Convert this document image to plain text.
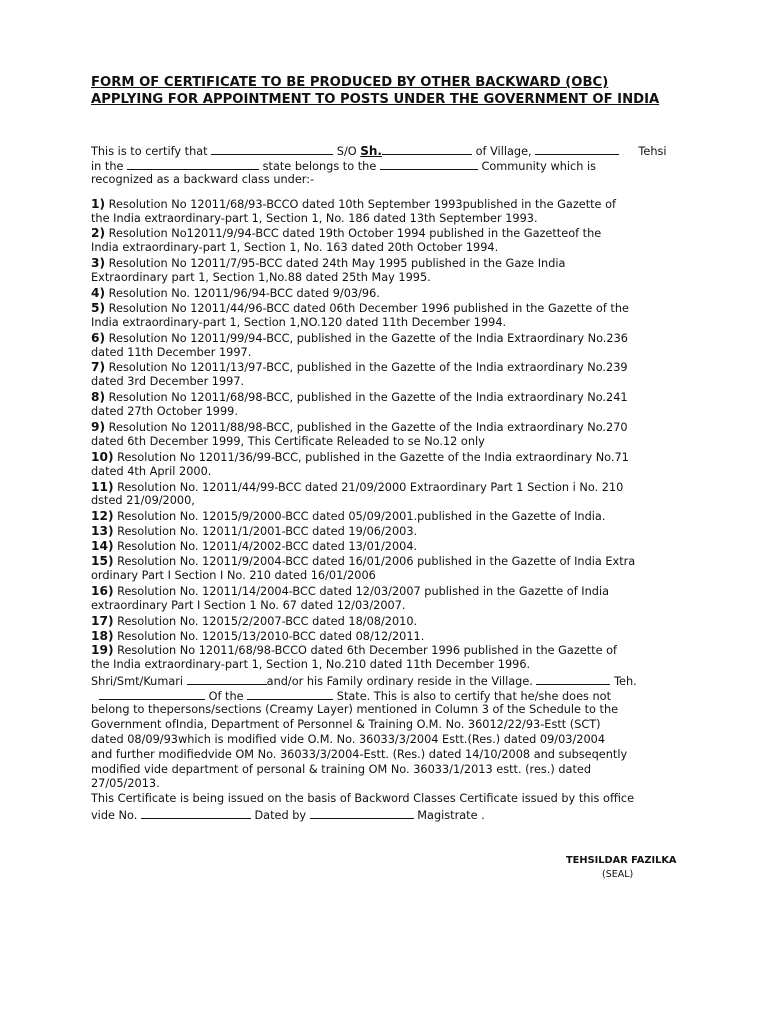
FORM OF CERTIFICATE TO BE PRODUCED BY OTHER BACKWARD (OBC)
APPLYING FOR APPOINTMENT TO POSTS UNDER THE GOVERNMENT OF INDIA
This is to certify that	S/O Sh.	of Village,	Tehsi
in the	state belongs to the	Community which is
recognized as a backward class under:-
1) Resolution No 12011/68/93-BCCO dated 10th September 1993published in the Gazette of
the India extraordinary-part 1, Section 1, No. 186 dated 13th September 1993.
2) Resolution No12011/9/94-BCC dated 19th October 1994 published in the Gazetteof the
India extraordinary-part 1, Section 1, No. 163 dated 20th October 1994.
3) Resolution No 12011/7/95-BCC dated 24th May 1995 published in the Gaze India
Extraordinary part 1, Section 1,No.88 dated 25th May 1995.
4) Resolution No. 12011/96/94-BCC dated 9/03/96.
5) Resolution No 12011/44/96-BCC dated 06th December 1996 published in the Gazette of the
India extraordinary-part 1, Section 1,NO.120 dated 11th December 1994.
6) Resolution No 12011/99/94-BCC, published in the Gazette of the India Extraordinary No.236
dated 11th December 1997.
7) Resolution No 12011/13/97-BCC, published in the Gazette of the India extraordinary No.239
dated 3rd December 1997.
8) Resolution No 12011/68/98-BCC, published in the Gazette of the India extraordinary No.241
dated 27th October 1999.
9) Resolution No 12011/88/98-BCC, published in the Gazette of the India extraordinary No.270
dated 6th December 1999, This Certificate Releaded to se No.12 only
10) Resolution No 12011/36/99-BCC, published in the Gazette of the India extraordinary No.71
dated 4th April 2000.
11) Resolution No. 12011/44/99-BCC dated 21/09/2000 Extraordinary Part 1 Section i No. 210
dsted 21/09/2000,
12) Resolution No. 12015/9/2000-BCC dated 05/09/2001.published in the Gazette of India.
13) Resolution No. 12011/1/2001-BCC dated 19/06/2003.
14) Resolution No. 12011/4/2002-BCC dated 13/01/2004.
15) Resolution No. 12011/9/2004-BCC dated 16/01/2006 published in the Gazette of India Extra
ordinary Part I Section I No. 210 dated 16/01/2006
16) Resolution No. 12011/14/2004-BCC dated 12/03/2007 published in the Gazette of India
extraordinary Part I Section 1 No. 67 dated 12/03/2007.
17) Resolution No. 12015/2/2007-BCC dated 18/08/2010.
18) Resolution No. 12015/13/2010-BCC dated 08/12/2011.
19) Resolution No 12011/68/98-BCCO dated 6th December 1996 published in the Gazette of
the India extraordinary-part 1, Section 1, No.210 dated 11th December 1996.
Shri/Smt/Kumari	and/or his Family ordinary reside in the Village.	Teh.
Of the	State. This is also to certify that he/she does not
belong to thepersons/sections (Creamy Layer) mentioned in Column 3 of the Schedule to the
Government ofIndia, Department of Personnel & Training O.M. No. 36012/22/93-Estt (SCT)
dated 08/09/93which is modified vide O.M. No. 36033/3/2004 Estt.(Res.) dated 09/03/2004
and further modifiedvide OM No. 36033/3/2004-Estt. (Res.) dated 14/10/2008 and subseqently
modified vide department of personal & training OM No. 36033/1/2013 estt. (res.) dated
27/05/2013.
This Certificate is being issued on the basis of Backword Classes Certificate issued by this office
vide No.	Dated by	Magistrate .
TEHSILDAR FAZILKA
(SEAL)
